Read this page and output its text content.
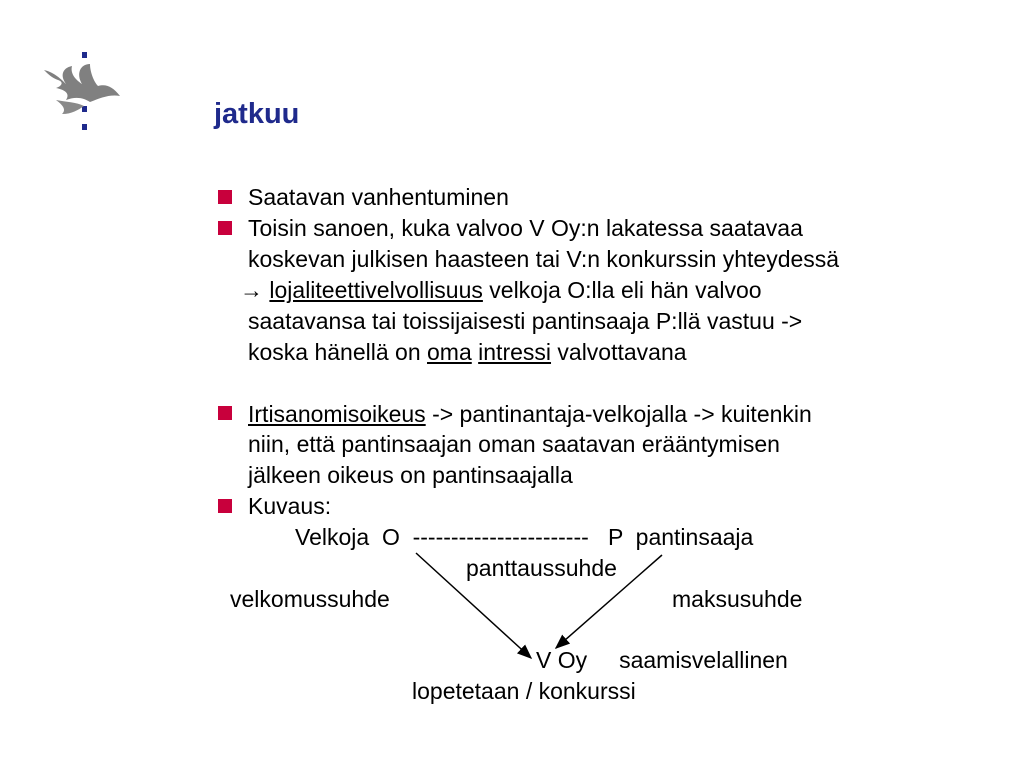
jatkuu
Saatavan vanhentuminen
Toisin sanoen, kuka valvoo V Oy:n lakatessa saatavaa
koskevan julkisen haasteen tai V:n konkurssin yhteydessä
→ lojaliteettivelvollisuus velkoja O:lla eli hän valvoo
saatavansa tai toissijaisesti pantinsaaja P:llä vastuu ->
koska hänellä on oma intressi valvottavana
Irtisanomisoikeus -> pantinantaja-velkojalla -> kuitenkin
niin, että pantinsaajan oman saatavan erääntymisen
jälkeen oikeus on pantinsaajalla
Kuvaus:
Velkoja  O  -----------------------   P  pantinsaaja
panttaussuhde
velkomussuhde	maksusuhde
V Oy     saamisvelallinen
lopetetaan / konkurssi
